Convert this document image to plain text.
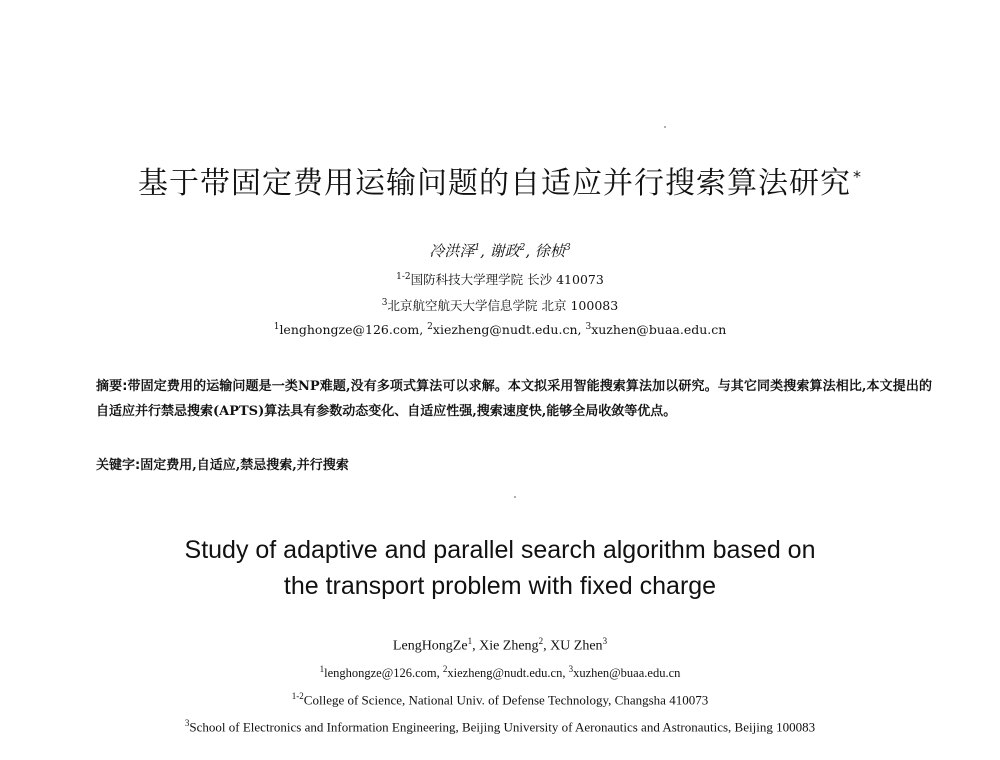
基于带固定费用运输问题的自适应并行搜索算法研究 *
冷洪泽$^1$, 谢政$^2$, 徐桢$^3$
$^{1-2}$国防科技大学理学院 长沙 410073
$^3$北京航空航天大学信息学院 北京 100083
$^1$lenghongze@126.com, $^2$xiezheng@nudt.edu.cn, $^3$xuzhen@buaa.edu.cn
摘要:带固定费用的运输问题是一类NP难题,没有多项式算法可以求解。本文拟采用智能搜索算法加以研究。与其它同类搜索算法相比,本文提出的自适应并行禁忌搜索(APTS)算法具有参数动态变化、自适应性强,搜索速度快,能够全局收敛等优点。
关键字:固定费用,自适应,禁忌搜索,并行搜索
Study of adaptive and parallel search algorithm based on
the transport problem with fixed charge
LengHongZe$^1$, Xie Zheng$^2$, XU Zhen$^3$
$^1$lenghongze@126.com, $^2$xiezheng@nudt.edu.cn, $^3$xuzhen@buaa.edu.cn
$^{1-2}$College of Science, National Univ. of Defense Technology, Changsha 410073
$^3$School of Electronics and Information Engineering, Beijing University of Aeronautics and Astronautics, Beijing 100083
